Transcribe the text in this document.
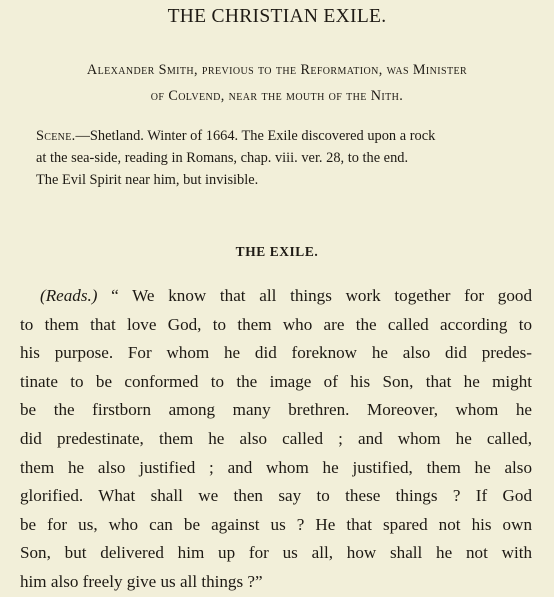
THE CHRISTIAN EXILE.
Alexander Smith, previous to the Reformation, was Minister
of Colvend, near the mouth of the Nith.
Scene.—Shetland. Winter of 1664. The Exile discovered upon a rock
at the sea-side, reading in Romans, chap. viii. ver. 28, to the end.
The Evil Spirit near him, but invisible.
THE EXILE.
(Reads.) “ We know that all things work together for good
to them that love God, to them who are the called according to
his purpose. For whom he did foreknow he also did predes-
tinate to be conformed to the image of his Son, that he might
be the firstborn among many brethren. Moreover, whom he
did predestinate, them he also called ; and whom he called,
them he also justified ; and whom he justified, them he also
glorified. What shall we then say to these things ? If God
be for us, who can be against us ? He that spared not his own
Son, but delivered him up for us all, how shall he not with
him also freely give us all things ?”
